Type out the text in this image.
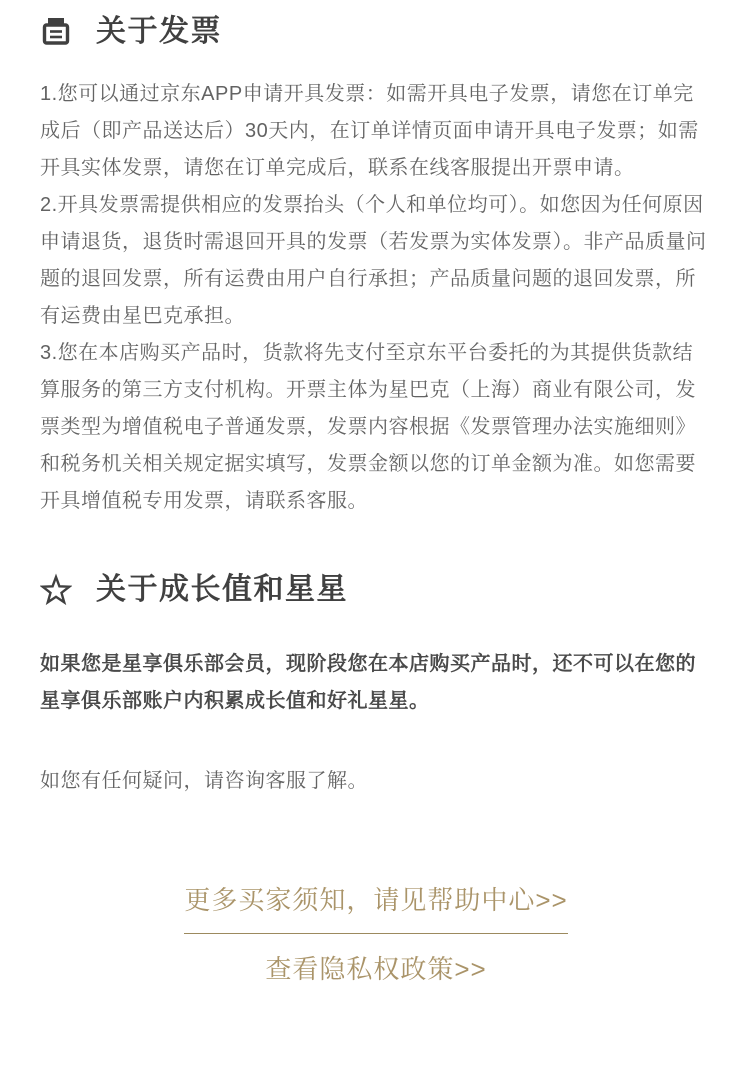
关于发票

1.您可以通过京东APP申请开具发票：如需开具电子发票，请您在订单完成后（即产品送达后）30天内，在订单详情页面申请开具电子发票；如需开具实体发票，请您在订单完成后，联系在线客服提出开票申请。

2.开具发票需提供相应的发票抬头（个人和单位均可）。如您因为任何原因申请退货，退货时需退回开具的发票（若发票为实体发票）。非产品质量问题的退回发票，所有运费由用户自行承担；产品质量问题的退回发票，所有运费由星巴克承担。

3.您在本店购买产品时，货款将先支付至京东平台委托的为其提供货款结算服务的第三方支付机构。开票主体为星巴克（上海）商业有限公司，发票类型为增值税电子普通发票，发票内容根据《发票管理办法实施细则》和税务机关相关规定据实填写，发票金额以您的订单金额为准。如您需要开具增值税专用发票，请联系客服。

关于成长值和星星

如果您是星享俱乐部会员，现阶段您在本店购买产品时，还不可以在您的星享俱乐部账户内积累成长值和好礼星星。

如您有任何疑问，请咨询客服了解。

更多买家须知，请见帮助中心>>
查看隐私权政策>>
